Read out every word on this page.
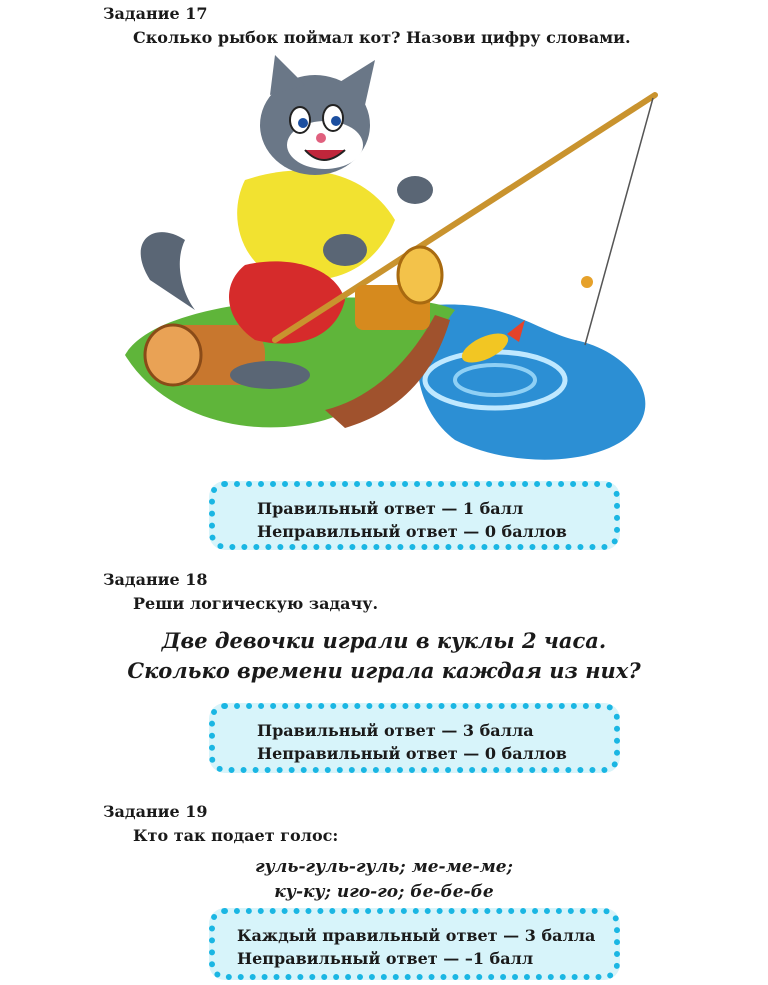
Задание 17
Сколько рыбок поймал кот? Назови цифру словами.
Правильный ответ — 1 балл
Неправильный ответ — 0 баллов
Задание 18
Реши логическую задачу.
Две девочки играли в куклы 2 часа.
Сколько времени играла каждая из них?
Правильный ответ — 3 балла
Неправильный ответ — 0 баллов
Задание 19
Кто так подает голос:
гуль-гуль-гуль; ме-ме-ме;
ку-ку; иго-го; бе-бе-бе
Каждый правильный ответ — 3 балла
Неправильный ответ — –1 балл
